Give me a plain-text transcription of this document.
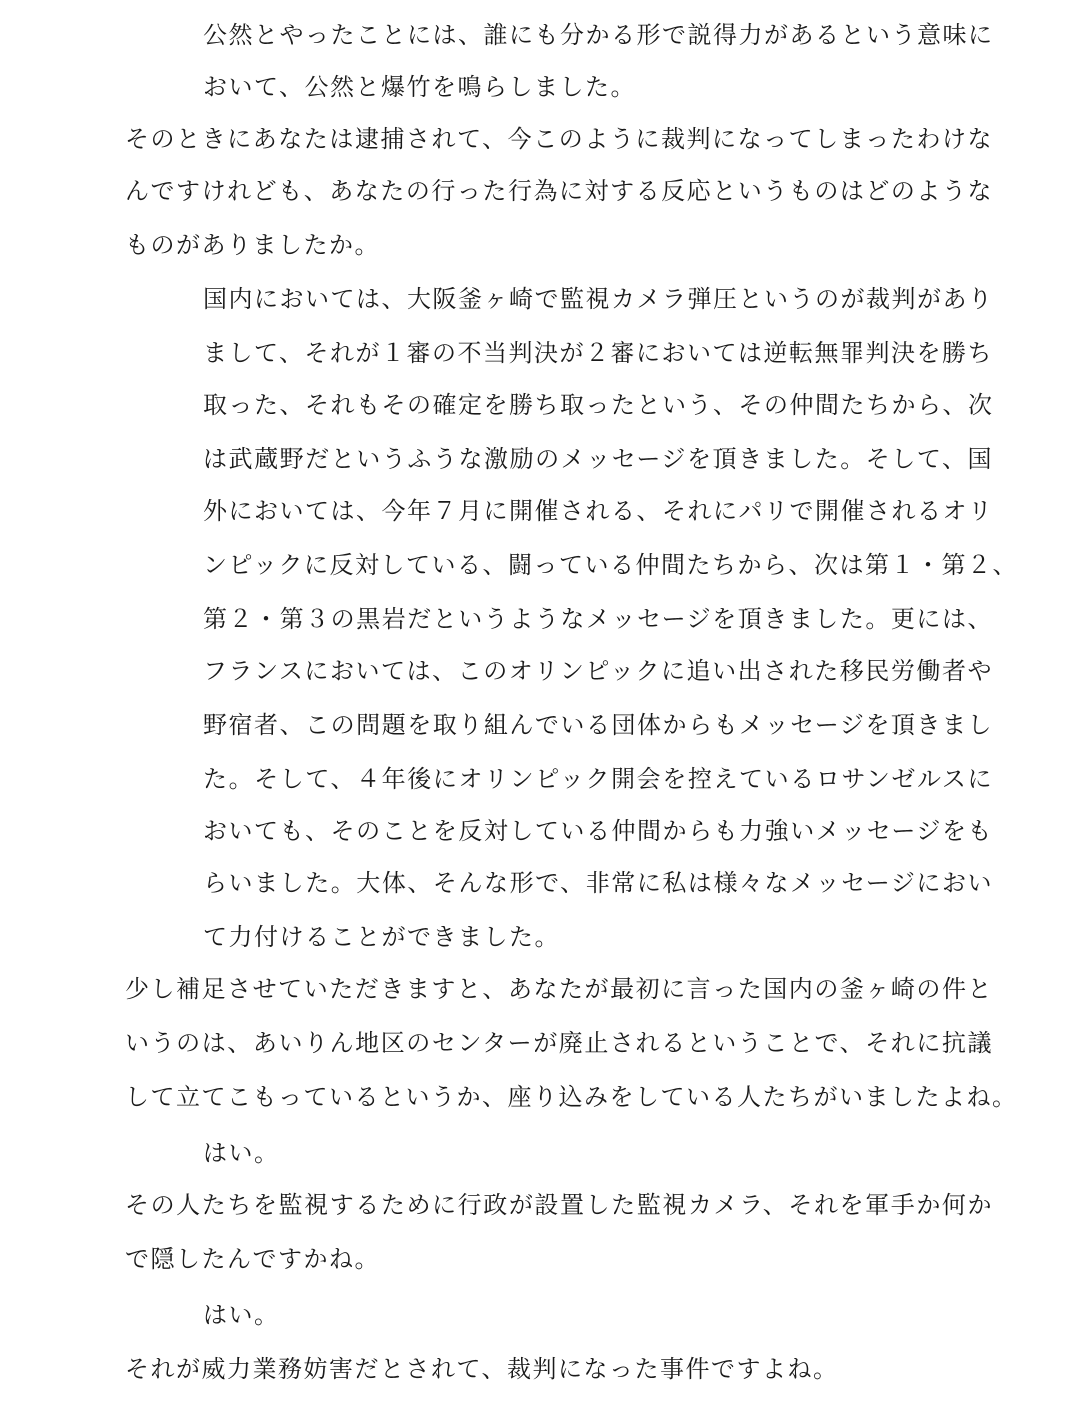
公然とやったことには、誰にも分かる形で説得力があるという意味に
おいて、公然と爆竹を鳴らしました。
そのときにあなたは逮捕されて、今このように裁判になってしまったわけな
んですけれども、あなたの行った行為に対する反応というものはどのような
ものがありましたか。
国内においては、大阪釜ヶ崎で監視カメラ弾圧というのが裁判があり
まして、それが１審の不当判決が２審においては逆転無罪判決を勝ち
取った、それもその確定を勝ち取ったという、その仲間たちから、次
は武蔵野だというふうな激励のメッセージを頂きました。そして、国
外においては、今年７月に開催される、それにパリで開催されるオリ
ンピックに反対している、闘っている仲間たちから、次は第１・第２、
第２・第３の黒岩だというようなメッセージを頂きました。更には、
フランスにおいては、このオリンピックに追い出された移民労働者や
野宿者、この問題を取り組んでいる団体からもメッセージを頂きまし
た。そして、４年後にオリンピック開会を控えているロサンゼルスに
おいても、そのことを反対している仲間からも力強いメッセージをも
らいました。大体、そんな形で、非常に私は様々なメッセージにおい
て力付けることができました。
少し補足させていただきますと、あなたが最初に言った国内の釜ヶ崎の件と
いうのは、あいりん地区のセンターが廃止されるということで、それに抗議
して立てこもっているというか、座り込みをしている人たちがいましたよね。
はい。
その人たちを監視するために行政が設置した監視カメラ、それを軍手か何か
で隠したんですかね。
はい。
それが威力業務妨害だとされて、裁判になった事件ですよね。
